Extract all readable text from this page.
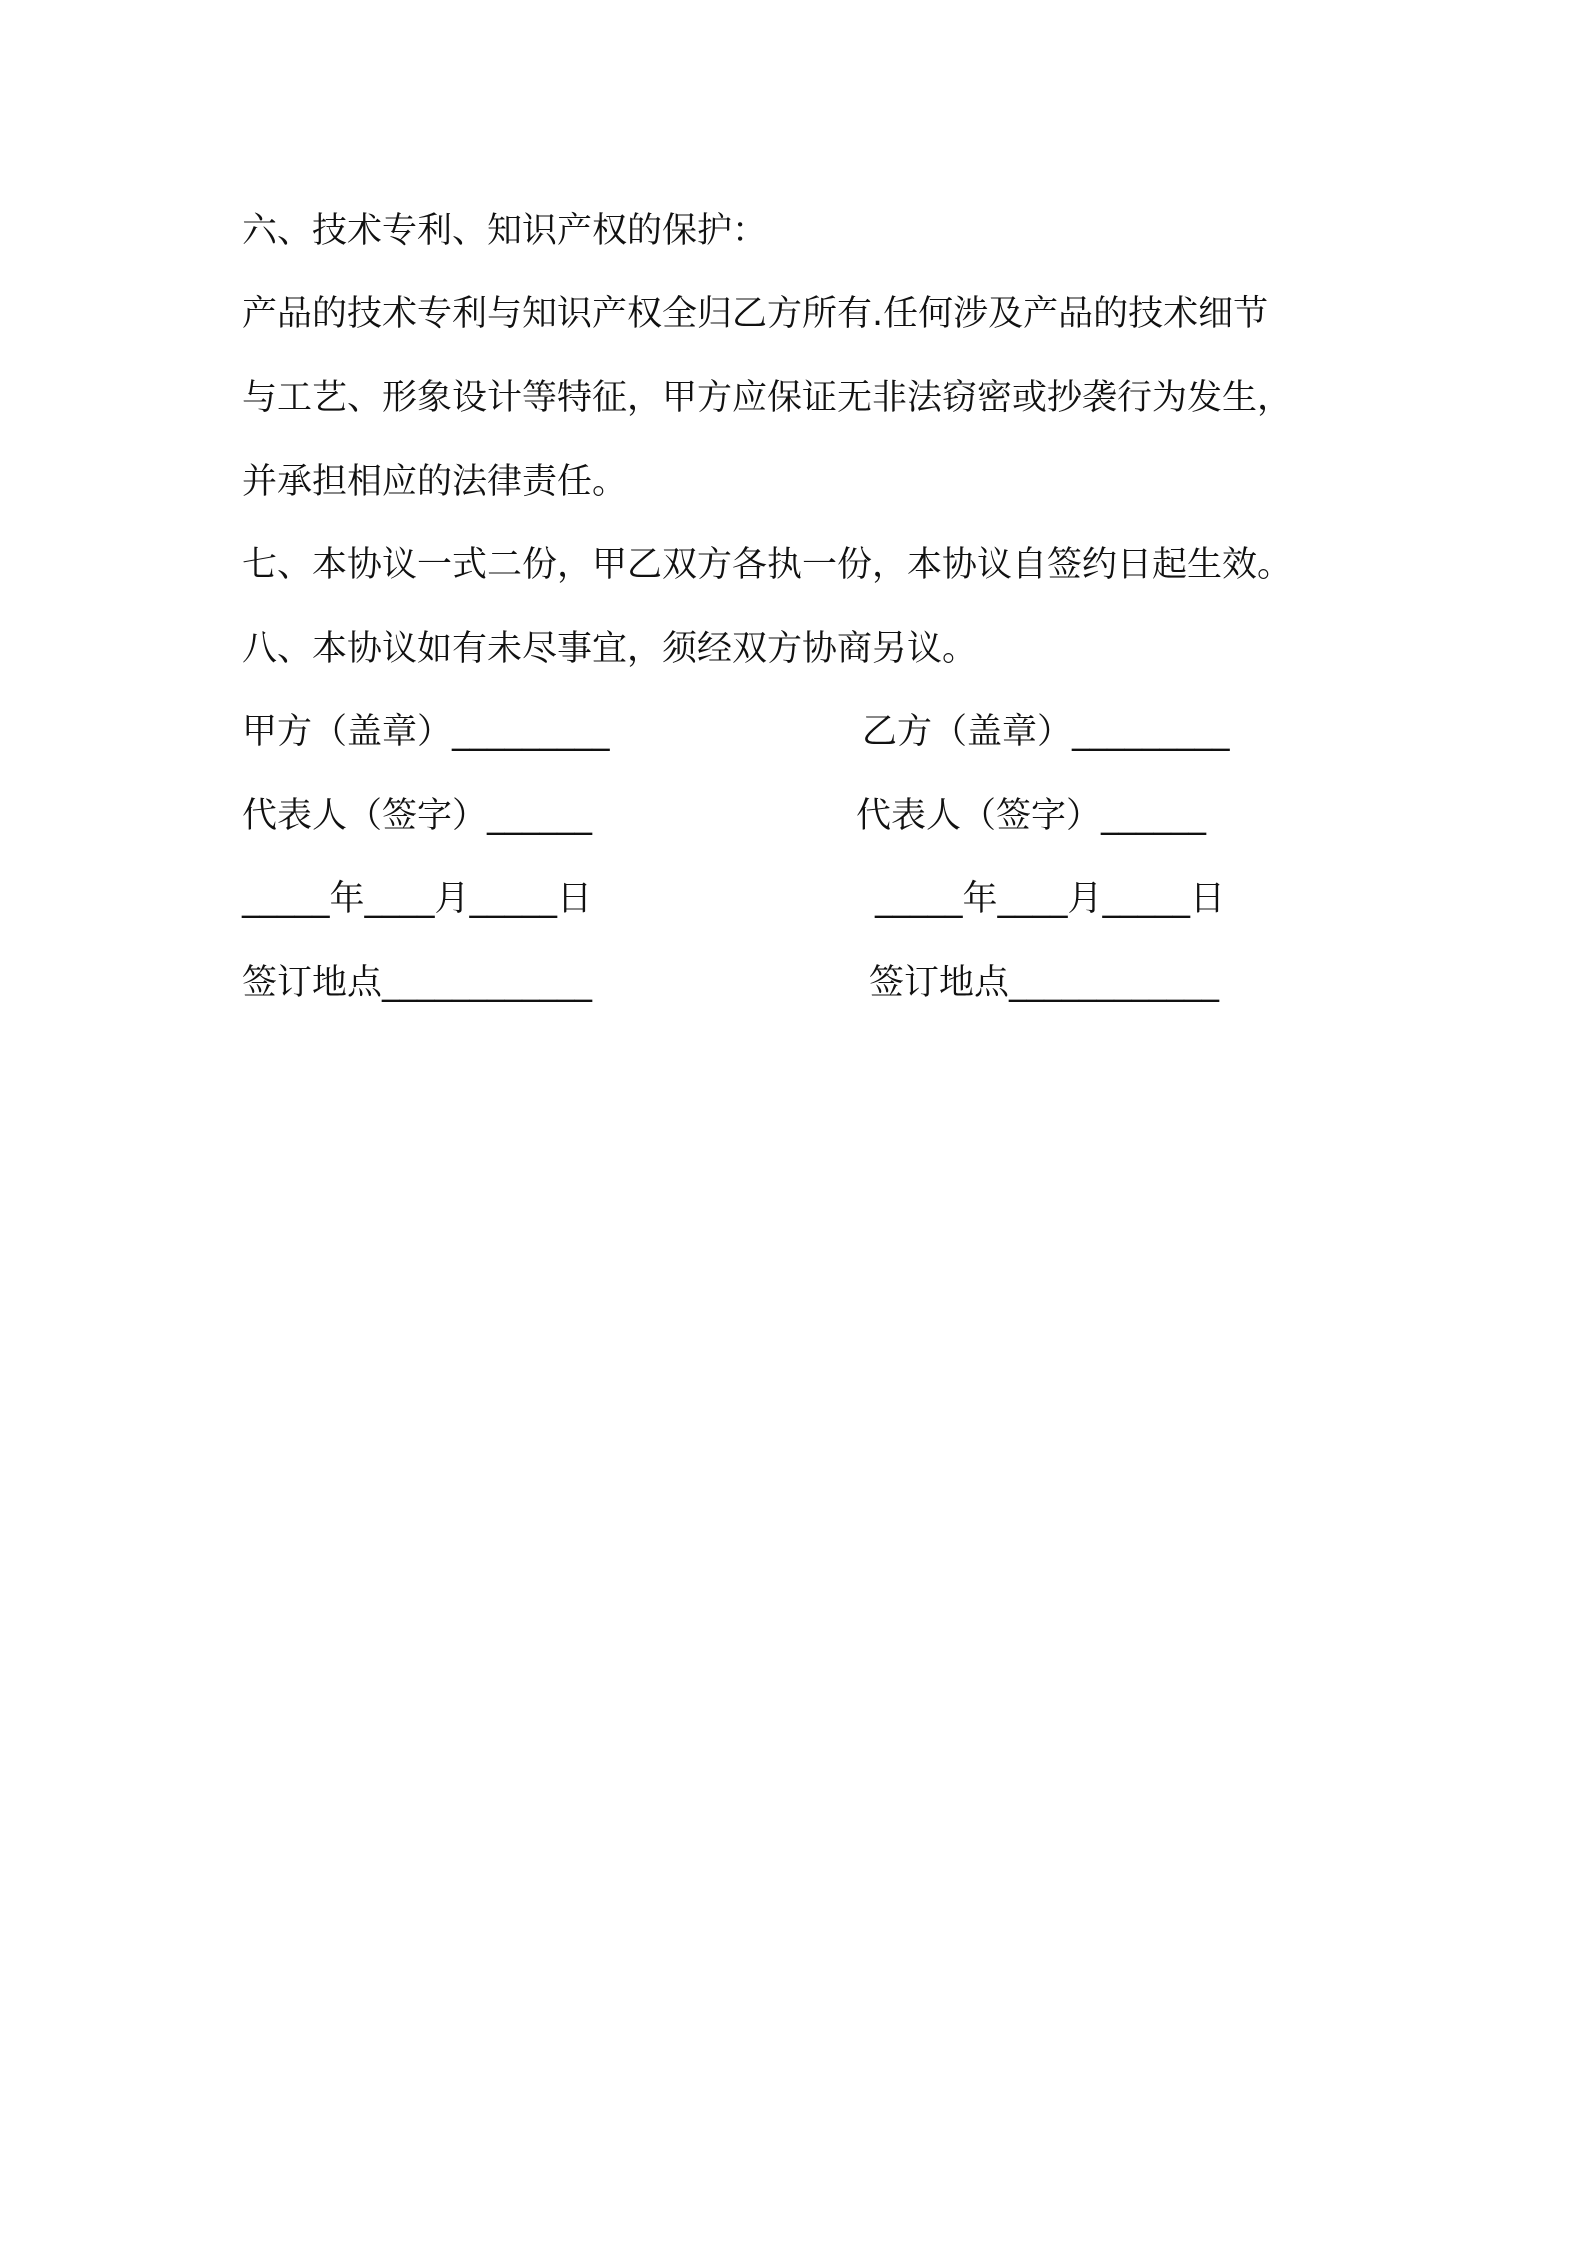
六、技术专利、知识产权的保护：
产品的技术专利与知识产权全归乙方所有.任何涉及产品的技术细节
与工艺、形象设计等特征，甲方应保证无非法窃密或抄袭行为发生，
并承担相应的法律责任。
七、本协议一式二份，甲乙双方各执一份，本协议自签约日起生效。
八、本协议如有未尽事宜，须经双方协商另议。
甲方（盖章）_________	乙方（盖章）_________
代表人（签字）______	代表人（签字）______
_____年____月_____日	_____年____月_____日
签订地点____________	签订地点____________
